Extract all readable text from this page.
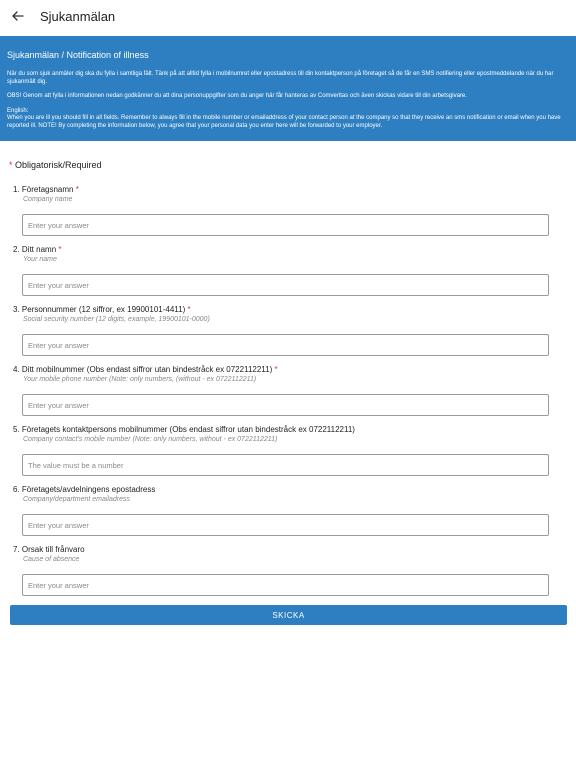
Sjukanmälan
Sjukanmälan / Notification of illness

När du som sjuk anmäler dig ska du fylla i samtliga fält. Tänk på att alltid fylla i mobilnumret eller epostadress till din kontaktperson på företaget så de får en SMS notifiering eller epostmeddelande när du har sjukanmält dig.

OBS! Genom att fylla i informationen nedan godkänner du att dina personuppgifter som du anger här får hanteras av Comveritas och även skickas vidare till din arbetsgivare.

English:

When you are ill you should fill in all fields. Remember to always fill in the mobile number or emailaddress of your contact person at the company so that they receive an sms notification or email when you have reported ill. NOTE! By completing the information below, you agree that your personal data you enter here will be forwarded to your employer.

* Obligatorisk/Required
1. Företagsnamn *
Company name
Enter your answer
2. Ditt namn *
Your name
Enter your answer
3. Personnummer (12 siffror, ex 19900101-4411) *
Social security number (12 digits, example, 19900101-0000)
Enter your answer
4. Ditt mobilnummer (Obs endast siffror utan bindestråck ex 0722112211) *
Your mobile phone number (Note: only numbers, (without - ex 0722112211)
Enter your answer
5. Företagets kontaktpersons mobilnummer (Obs endast siffror utan bindestråck ex 0722112211)
Company contact's mobile number (Note: only numbers, without - ex 0722112211)
The value must be a number
6. Företagets/avdelningens epostadress
Company/department emailadress
Enter your answer
7. Orsak till frånvaro
Cause of absence
Enter your answer
SKICKA
